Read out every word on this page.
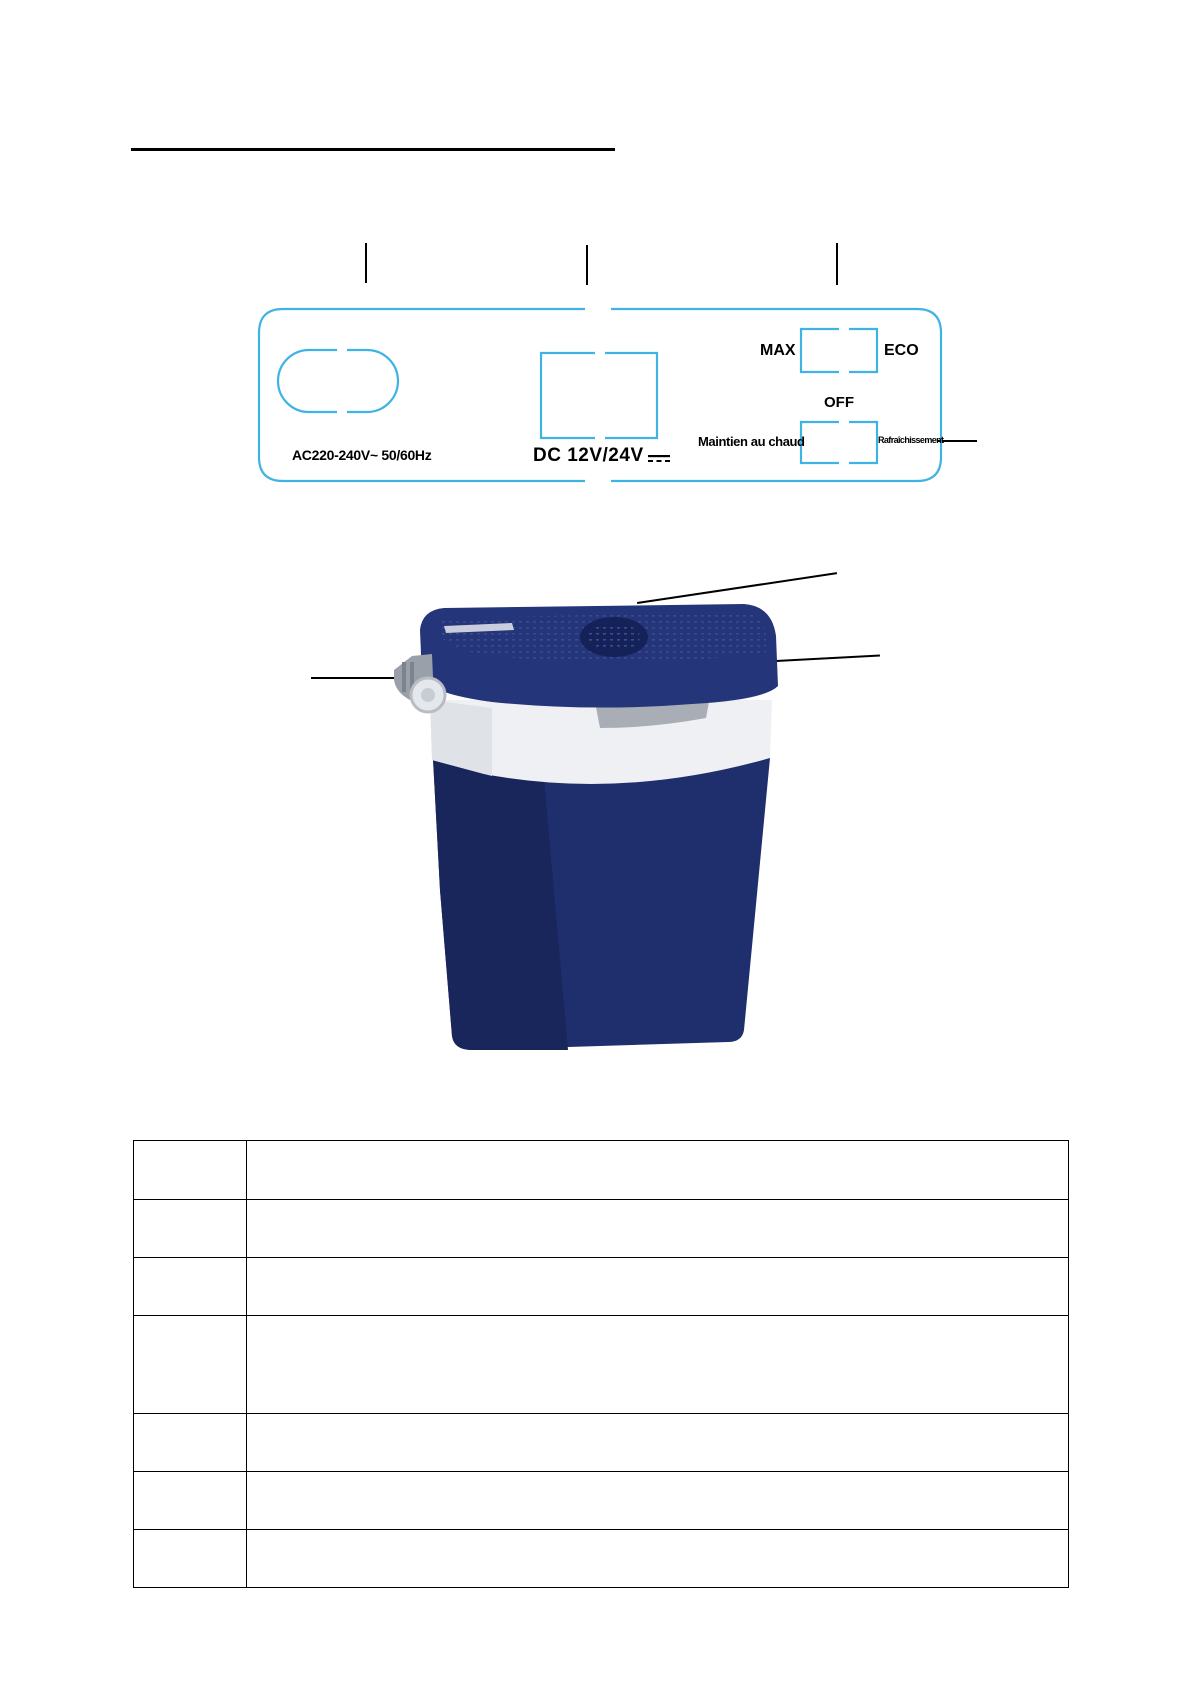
AC220-240V~ 50/60Hz	DC 12V/24V
MAX	ECO
OFF
Maintien au chaud	Rafraîchissement
